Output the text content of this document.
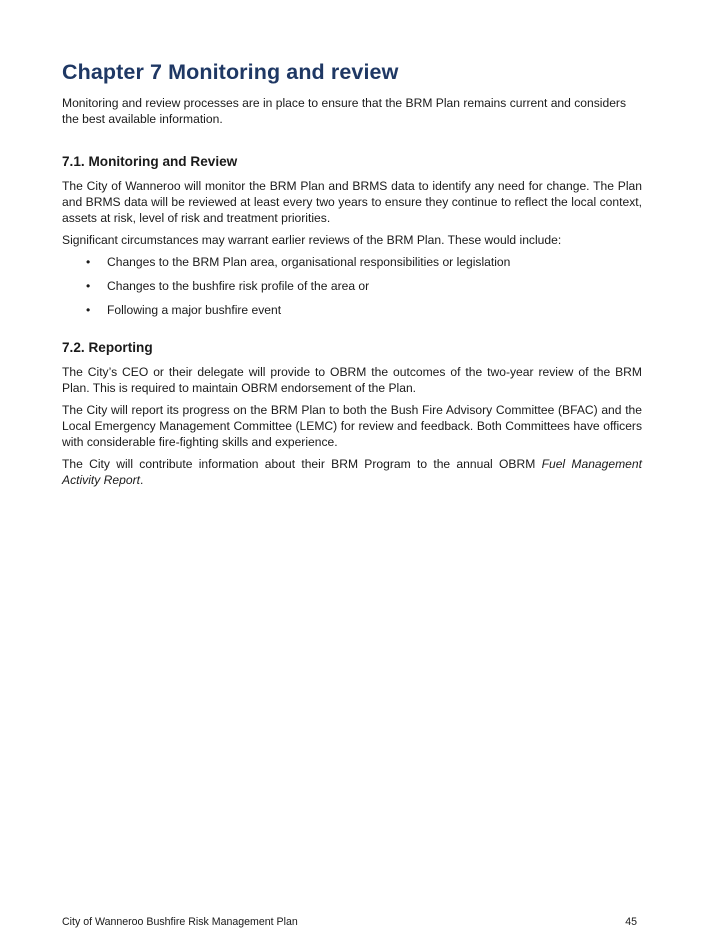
Chapter 7 Monitoring and review

Monitoring and review processes are in place to ensure that the BRM Plan remains current and considers the best available information.

7.1. Monitoring and Review

The City of Wanneroo will monitor the BRM Plan and BRMS data to identify any need for change. The Plan and BRMS data will be reviewed at least every two years to ensure they continue to reflect the local context, assets at risk, level of risk and treatment priorities.

Significant circumstances may warrant earlier reviews of the BRM Plan. These would include:

• Changes to the BRM Plan area, organisational responsibilities or legislation
• Changes to the bushfire risk profile of the area or
• Following a major bushfire event
7.2. Reporting

The City’s CEO or their delegate will provide to OBRM the outcomes of the two-year review of the BRM Plan. This is required to maintain OBRM endorsement of the Plan.

The City will report its progress on the BRM Plan to both the Bush Fire Advisory Committee (BFAC) and the Local Emergency Management Committee (LEMC) for review and feedback. Both Committees have officers with considerable fire-fighting skills and experience.

The City will contribute information about their BRM Program to the annual OBRM Fuel Management Activity Report.

City of Wanneroo Bushfire Risk Management Plan	45
